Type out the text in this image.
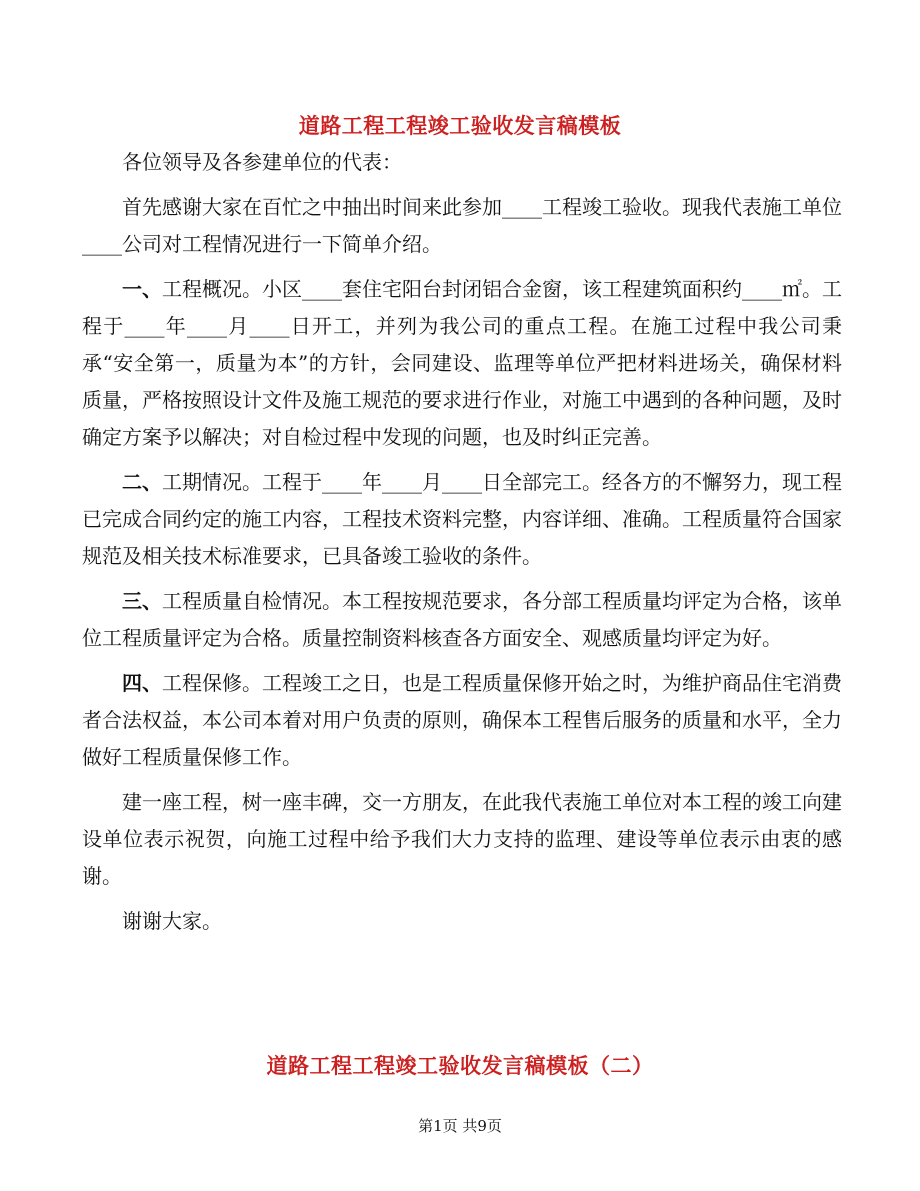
道路工程工程竣工验收发言稿模板

各位领导及各参建单位的代表：

首先感谢大家在百忙之中抽出时间来此参加____工程竣工验收。现我代表施工单位____公司对工程情况进行一下简单介绍。

一、工程概况。小区____套住宅阳台封闭铝合金窗，该工程建筑面积约____㎡。工程于____年____月____日开工，并列为我公司的重点工程。在施工过程中我公司秉承“安全第一，质量为本”的方针，会同建设、监理等单位严把材料进场关，确保材料质量，严格按照设计文件及施工规范的要求进行作业，对施工中遇到的各种问题，及时确定方案予以解决；对自检过程中发现的问题，也及时纠正完善。

二、工期情况。工程于____年____月____日全部完工。经各方的不懈努力，现工程已完成合同约定的施工内容，工程技术资料完整，内容详细、准确。工程质量符合国家规范及相关技术标准要求，已具备竣工验收的条件。

三、工程质量自检情况。本工程按规范要求，各分部工程质量均评定为合格，该单位工程质量评定为合格。质量控制资料核查各方面安全、观感质量均评定为好。

四、工程保修。工程竣工之日，也是工程质量保修开始之时，为维护商品住宅消费者合法权益，本公司本着对用户负责的原则，确保本工程售后服务的质量和水平，全力做好工程质量保修工作。

建一座工程，树一座丰碑，交一方朋友，在此我代表施工单位对本工程的竣工向建设单位表示祝贺，向施工过程中给予我们大力支持的监理、建设等单位表示由衷的感谢。

谢谢大家。

道路工程工程竣工验收发言稿模板（二）
第1页 共9页
